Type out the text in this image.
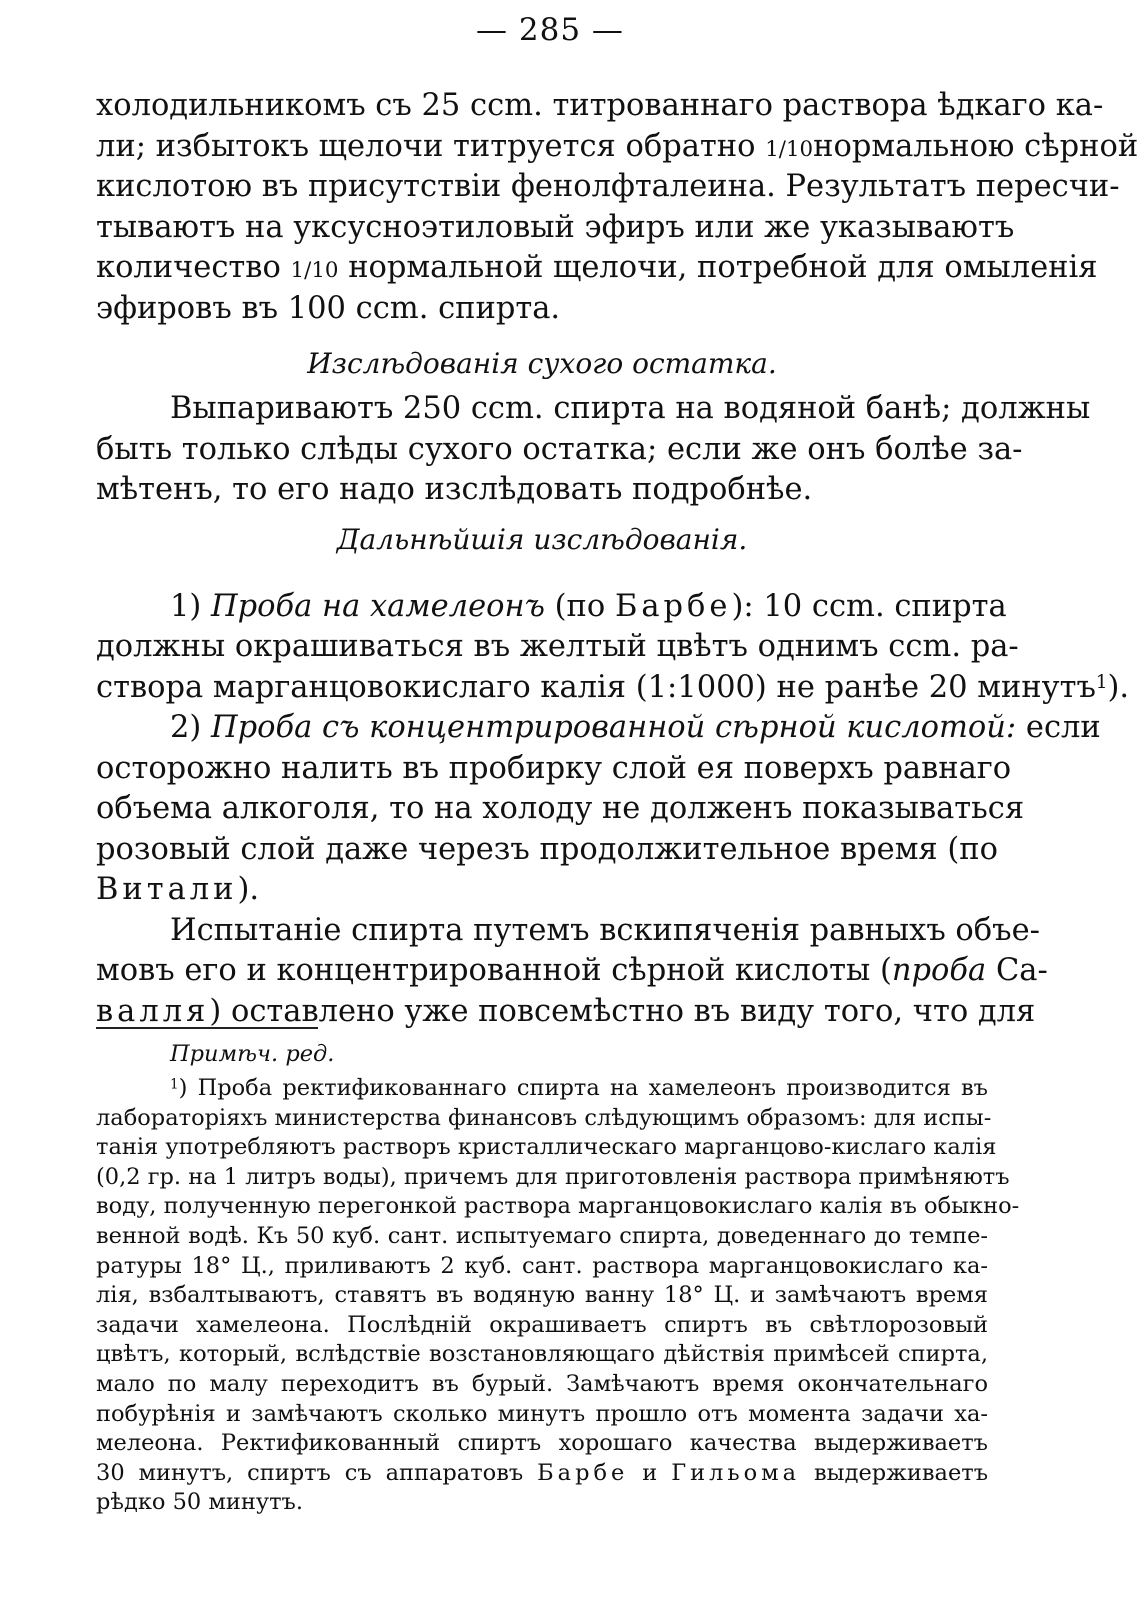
— 285 —
холодильникомъ съ 25 ccm. титрованнаго раствора ѣдкаго ка-
ли; избытокъ щелочи титруется обратно 1/10нормальною сѣрной
кислотою въ присутствіи фенолфталеина. Результатъ пересчи-
тываютъ на уксусноэтиловый эфиръ или же указываютъ
количество 1/10 нормальной щелочи, потребной для омыленія
эфировъ въ 100 ccm. спирта.
Изслѣдованія сухого остатка.
Выпариваютъ 250 ccm. спирта на водяной банѣ; должны
быть только слѣды сухого остатка; если же онъ болѣе за-
мѣтенъ, то его надо изслѣдовать подробнѣе.
Дальнѣйшія изслѣдованія.
1) Проба на хамелеонъ (по Барбе): 10 ccm. спирта
должны окрашиваться въ желтый цвѣтъ однимъ ccm. ра-
створа марганцовокислаго калія (1:1000) не ранѣе 20 минутъ$^1$).
2) Проба съ концентрированной сѣрной кислотой: если
осторожно налить въ пробирку слой ея поверхъ равнаго
объема алкоголя, то на холоду не долженъ показываться
розовый слой даже черезъ продолжительное время (по
Витали).
Испытаніе спирта путемъ вскипяченія равныхъ объе-
мовъ его и концентрированной сѣрной кислоты (проба Са-
валля) оставлено уже повсемѣстно въ виду того, что для
Примѣч. ред.
$^1$) Проба ректификованнаго спирта на хамелеонъ производится въ
лабораторіяхъ министерства финансовъ слѣдующимъ образомъ: для испы-
танія употребляютъ растворъ кристаллическаго марганцово-кислаго калія
(0,2 гр. на 1 литръ воды), причемъ для приготовленія раствора примѣняютъ
воду, полученную перегонкой раствора марганцовокислаго калія въ обыкно-
венной водѣ. Къ 50 куб. сант. испытуемаго спирта, доведеннаго до темпе-
ратуры 18° Ц., приливаютъ 2 куб. сант. раствора марганцовокислаго ка-
лія, взбалтываютъ, ставятъ въ водяную ванну 18° Ц. и замѣчаютъ время
задачи хамелеона. Послѣдній окрашиваетъ спиртъ въ свѣтлорозовый
цвѣтъ, который, вслѣдствіе возстановляющаго дѣйствія примѣсей спирта,
мало по малу переходитъ въ бурый. Замѣчаютъ время окончательнаго
побурѣнія и замѣчаютъ сколько минутъ прошло отъ момента задачи ха-
мелеона. Ректификованный спиртъ хорошаго качества выдерживаетъ
30 минутъ, спиртъ съ аппаратовъ Барбе и Гильома выдерживаетъ
рѣдко 50 минутъ.
